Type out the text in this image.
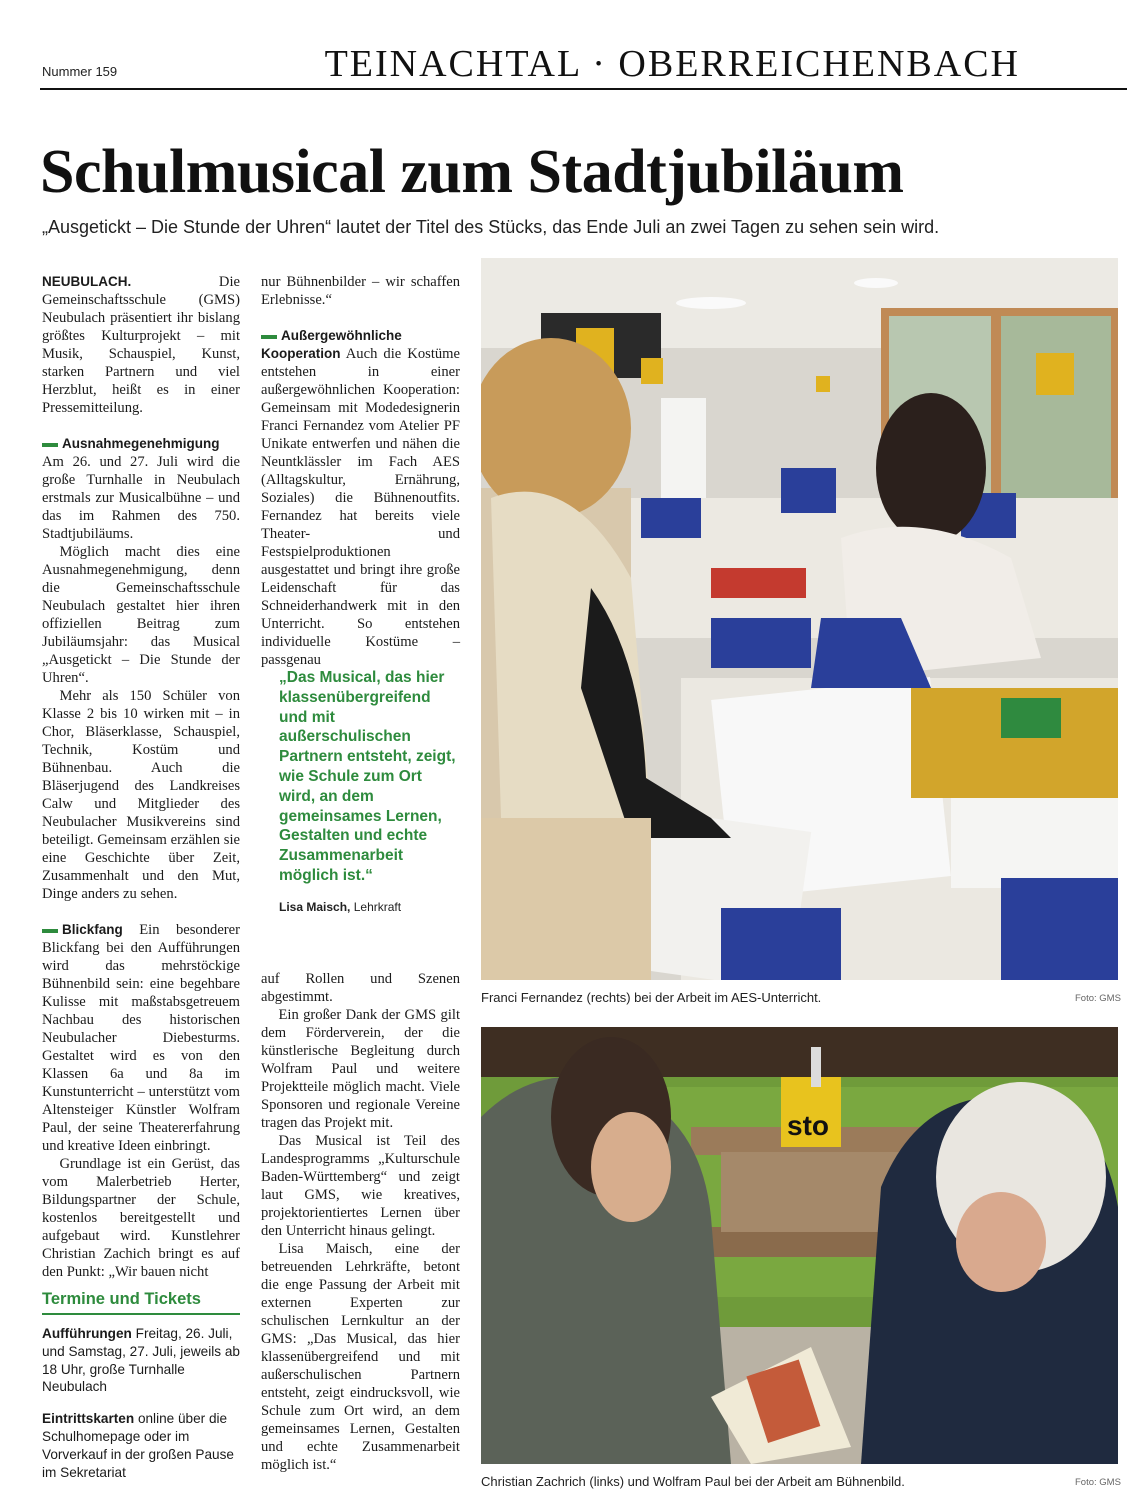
Nummer 159	TEINACHTAL · OBERREICHENBACH
Schulmusical zum Stadtjubiläum
„Ausgetickt – Die Stunde der Uhren“ lautet der Titel des Stücks, das Ende Juli an zwei Tagen zu sehen sein wird.

NEUBULACH.	Die Gemeinschaftsschule (GMS) Neubulach präsentiert ihr bislang größtes Kulturprojekt – mit Musik, Schauspiel, Kunst, starken Partnern und viel Herzblut, heißt es in einer Pressemitteilung.

Ausnahmegenehmigung Am 26. und 27. Juli wird die große Turnhalle in Neubulach erstmals zur Musicalbühne – und das im Rahmen des 750. Stadtjubiläums.

Möglich macht dies eine Ausnahmegenehmigung, denn die Gemeinschaftsschule Neubulach gestaltet hier ihren offiziellen Beitrag zum Jubiläumsjahr: das Musical „Ausgetickt – Die Stunde der Uhren“.

Mehr als 150 Schüler von Klasse 2 bis 10 wirken mit – in Chor, Bläserklasse, Schauspiel, Technik, Kostüm und Bühnenbau. Auch die Bläserjugend des Landkreises Calw und Mitglieder des Neubulacher Musikvereins sind beteiligt. Gemeinsam erzählen sie eine Geschichte über Zeit, Zusammenhalt und den Mut, Dinge anders zu sehen.

Blickfang Ein besonderer Blickfang bei den Aufführungen wird das mehrstöckige Bühnenbild sein: eine begehbare Kulisse mit maßstabsgetreuem Nachbau des historischen Neubulacher Diebesturms. Gestaltet wird es von den Klassen 6a und 8a im Kunstunterricht – unterstützt vom Altensteiger Künstler Wolfram Paul, der seine Theatererfahrung und kreative Ideen einbringt.

Grundlage ist ein Gerüst, das vom Malerbetrieb Herter, Bildungspartner der Schule, kostenlos bereitgestellt und aufgebaut wird. Kunstlehrer Christian Zachich bringt es auf den Punkt: „Wir bauen nicht

nur Bühnenbilder – wir schaffen Erlebnisse.“

Außergewöhnliche Kooperation Auch die Kostüme entstehen in einer außergewöhnlichen Kooperation: Gemeinsam mit Modedesignerin Franci Fernandez vom Atelier PF Unikate entwerfen und nähen die Neuntklässler im Fach AES (Alltagskultur, Ernährung, Soziales) die Bühnenoutfits. Fernandez hat bereits viele Theater- und Festspielproduktionen ausgestattet und bringt ihre große Leidenschaft für das Schneiderhandwerk mit in den Unterricht. So entstehen individuelle Kostüme – passgenau

„Das Musical, das hier klassenübergreifend und mit außerschulischen Partnern entsteht, zeigt, wie Schule zum Ort wird, an dem gemeinsames Lernen, Gestalten und echte Zusammenarbeit möglich ist.“
Lisa Maisch, Lehrkraft

auf Rollen und Szenen abgestimmt.

Ein großer Dank der GMS gilt dem Förderverein, der die künstlerische Begleitung durch Wolfram Paul und weitere Projektteile möglich macht. Viele Sponsoren und regionale Vereine tragen das Projekt mit.

Das Musical ist Teil des Landesprogramms „Kulturschule Baden-Württemberg“ und zeigt laut GMS, wie kreatives, projektorientiertes Lernen über den Unterricht hinaus gelingt.

Lisa Maisch, eine der betreuenden Lehrkräfte, betont die enge Passung der Arbeit mit externen Experten zur schulischen Lernkultur an der GMS: „Das Musical, das hier klassenübergreifend und mit außerschulischen Partnern entsteht, zeigt eindrucksvoll, wie Schule zum Ort wird, an dem gemeinsames Lernen, Gestalten und echte Zusammenarbeit möglich ist.“

Termine und Tickets
Aufführungen Freitag, 26. Juli, und Samstag, 27. Juli, jeweils ab 18 Uhr, große Turnhalle Neubulach
Eintrittskarten online über die Schulhomepage oder im Vorverkauf in der großen Pause im Sekretariat
Franci Fernandez (rechts) bei der Arbeit im AES-Unterricht.	Foto: GMS
sto
Christian Zachrich (links) und Wolfram Paul bei der Arbeit am Bühnenbild.	Foto: GMS
